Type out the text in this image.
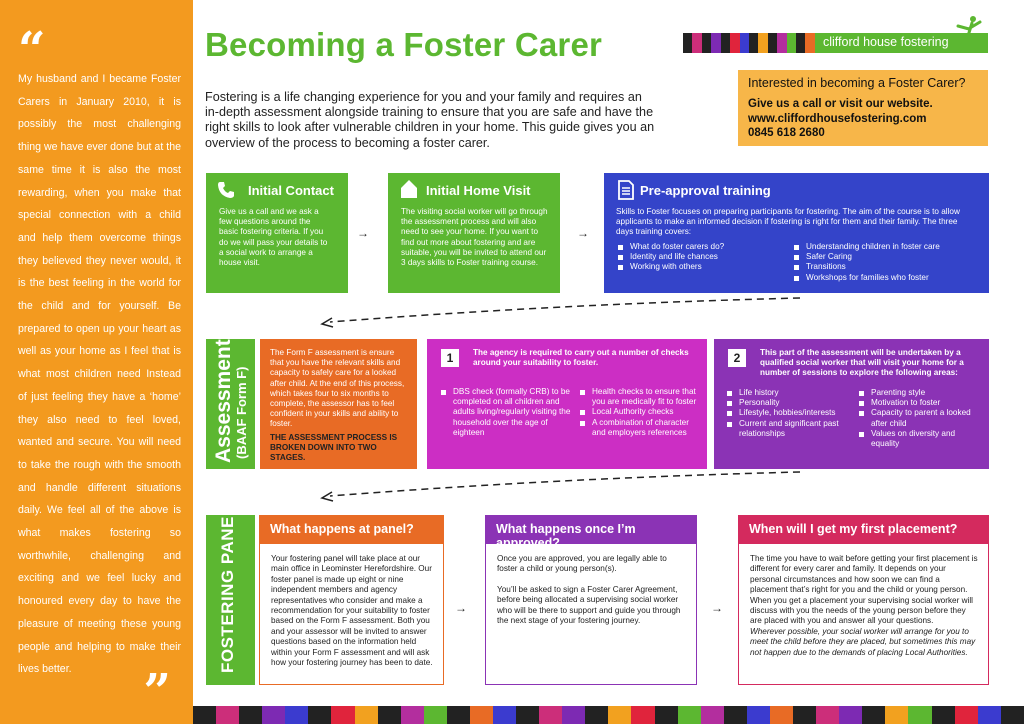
“

My husband and I became Foster Carers in January 2010, it is possibly the most challenging thing we have ever done but at the same time it is also the most rewarding, when you make that special connection with a child and help them overcome things they believed they never would, it is the best feeling in the world for the child and for yourself. Be prepared to open up your heart as well as your home as I feel that is what most children need Instead of just feeling they have a ‘home’ they also need to feel loved, wanted and secure. You will need to take the rough with the smooth and handle different situations daily. We feel all of the above is what makes fostering so worthwhile, challenging and exciting and we feel lucky and honoured every day to have the pleasure of meeting these young people and helping to make their lives better.	”
Becoming a Foster Carer	clifford house fostering

Fostering is a life changing experience for you and your family and requires an in-depth assessment alongside training to ensure that you are safe and have the right skills to look after vulnerable children in your home. This guide gives you an overview of the process to becoming a foster carer.

Interested in becoming a Foster Carer?
Give us a call or visit our website.
www.cliffordhousefostering.com
0845 618 2680
Initial Contact
Give us a call and we ask a few questions around the basic fostering criteria. If you do we will pass your details to a social work to arrange a house visit.
→
Initial Home Visit
The visiting social worker will go through the assessment process and will also need to see your home. If you want to find out more about fostering and are suitable, you will be invited to attend our 3 days skills to Foster training course.
→
Pre-approval training
Skills to Foster focuses on preparing participants for fostering. The aim of the course is to allow applicants to make an informed decision if fostering is right for them and their family. The three days training covers:
What do foster carers do?
Identity and life chances
Working with others
Understanding children in foster care
Safer Caring
Transitions
Workshops for families who foster
Assessment (BAAF Form F)
The Form F assessment is ensure that you have the relevant skills and capacity to safely care for a looked after child. At the end of this process, which takes four to six months to complete, the assessor has to feel confident in your skills and ability to foster.
THE ASSESSMENT PROCESS IS BROKEN DOWN INTO TWO STAGES.
1	The agency is required to carry out a number of checks around your suitability to foster.
DBS check (formally CRB) to be completed on all children and adults living/regularly visiting the household over the age of eighteen
Health checks to ensure that you are medically fit to foster
Local Authority checks
A combination of character and employers references
2	This part of the assessment will be undertaken by a qualified social worker that will visit your home for a number of sessions to explore the following areas:
Life history
Personality
Lifestyle, hobbies/interests
Current and significant past relationships
Parenting style
Motivation to foster
Capacity to parent a looked after child
Values on diversity and equality
FOSTERING PANEL	What happens at panel?

Your fostering panel will take place at our main office in Leominster Herefordshire. Our foster panel is made up eight or nine independent members and agency representatives who consider and make a recommendation for your suitability to foster based on the Form F assessment. Both you and your assessor will be invited to answer questions based on the information held within your Form F assessment and will ask how your fostering journey has been to date.

→
What happens once I’m approved?

Once you are approved, you are legally able to foster a child or young person(s).

You’ll be asked to sign a Foster Carer Agreement, before being allocated a supervising social worker who will be there to support and guide you through the next stage of your fostering journey.

→
When will I get my first placement?

The time you have to wait before getting your first placement is different for every carer and family. It depends on your personal circumstances and how soon we can find a placement that’s right for you and the child or young person. When you get a placement your supervising social worker will discuss with you the needs of the young person before they are placed with you and answer all your questions.

Wherever possible, your social worker will arrange for you to meet the child before they are placed, but sometimes this may not happen due to the demands of placing Local Authorities.
